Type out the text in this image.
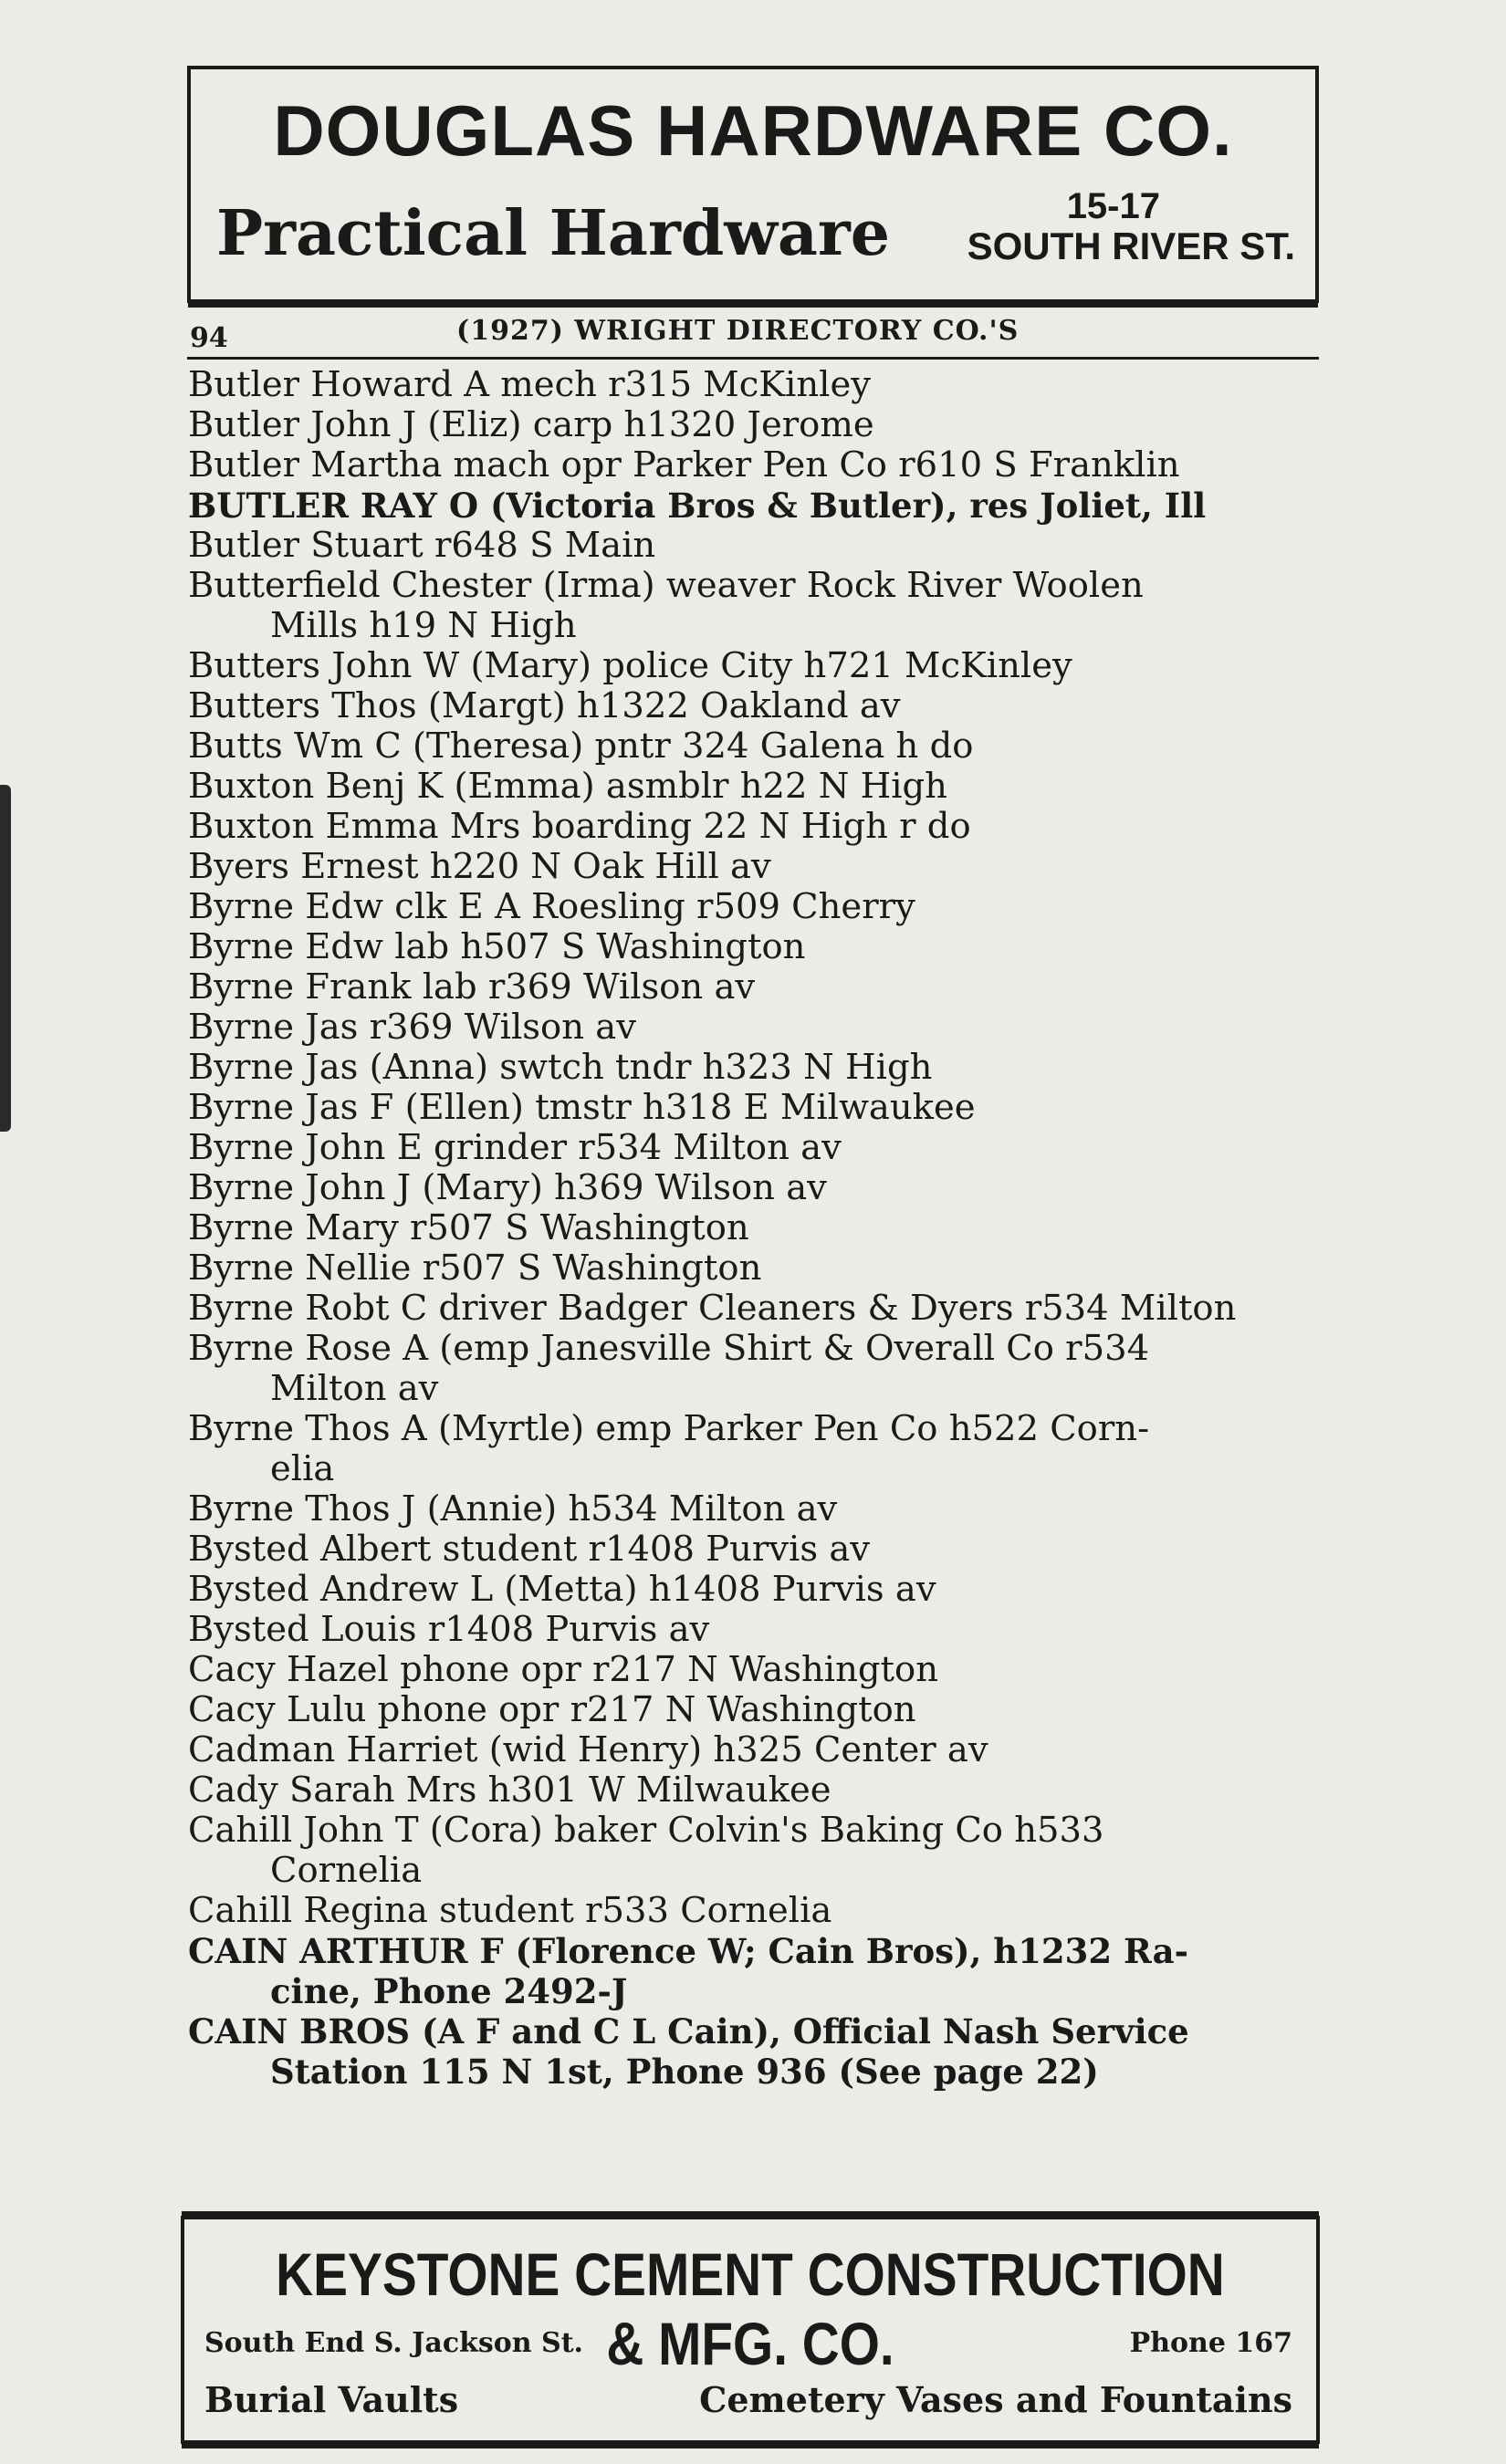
DOUGLAS HARDWARE CO.
Practical Hardware	15-17
SOUTH RIVER ST.
94	(1927) WRIGHT DIRECTORY CO.'S
Butler Howard A mech r315 McKinley
Butler John J (Eliz) carp h1320 Jerome
Butler Martha mach opr Parker Pen Co r610 S Franklin
BUTLER RAY O (Victoria Bros & Butler), res Joliet, Ill
Butler Stuart r648 S Main
Butterfield Chester (Irma) weaver Rock River Woolen
Mills h19 N High
Butters John W (Mary) police City h721 McKinley
Butters Thos (Margt) h1322 Oakland av
Butts Wm C (Theresa) pntr 324 Galena h do
Buxton Benj K (Emma) asmblr h22 N High
Buxton Emma Mrs boarding 22 N High r do
Byers Ernest h220 N Oak Hill av
Byrne Edw clk E A Roesling r509 Cherry
Byrne Edw lab h507 S Washington
Byrne Frank lab r369 Wilson av
Byrne Jas r369 Wilson av
Byrne Jas (Anna) swtch tndr h323 N High
Byrne Jas F (Ellen) tmstr h318 E Milwaukee
Byrne John E grinder r534 Milton av
Byrne John J (Mary) h369 Wilson av
Byrne Mary r507 S Washington
Byrne Nellie r507 S Washington
Byrne Robt C driver Badger Cleaners & Dyers r534 Milton
Byrne Rose A (emp Janesville Shirt & Overall Co r534
Milton av
Byrne Thos A (Myrtle) emp Parker Pen Co h522 Corn-
elia
Byrne Thos J (Annie) h534 Milton av
Bysted Albert student r1408 Purvis av
Bysted Andrew L (Metta) h1408 Purvis av
Bysted Louis r1408 Purvis av
Cacy Hazel phone opr r217 N Washington
Cacy Lulu phone opr r217 N Washington
Cadman Harriet (wid Henry) h325 Center av
Cady Sarah Mrs h301 W Milwaukee
Cahill John T (Cora) baker Colvin's Baking Co h533
Cornelia
Cahill Regina student r533 Cornelia
CAIN ARTHUR F (Florence W; Cain Bros), h1232 Ra-
cine, Phone 2492-J
CAIN BROS (A F and C L Cain), Official Nash Service
Station 115 N 1st, Phone 936 (See page 22)
KEYSTONE CEMENT CONSTRUCTION & MFG. CO.
South End S. Jackson St.	Phone 167
Burial Vaults	Cemetery Vases and Fountains
